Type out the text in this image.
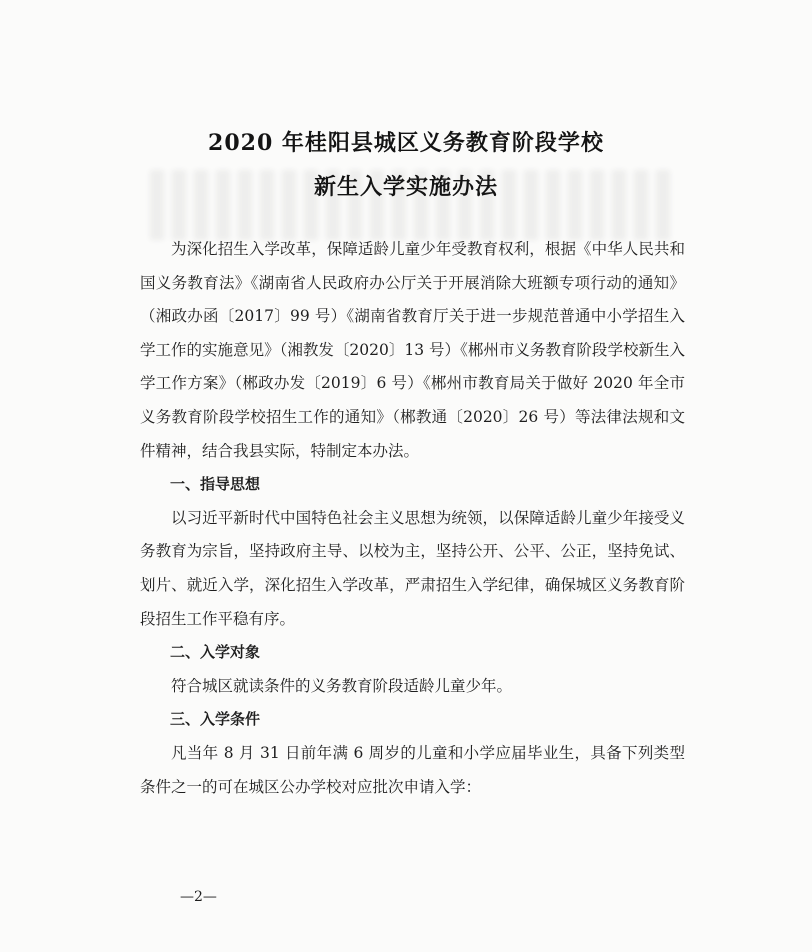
2020 年桂阳县城区义务教育阶段学校
新生入学实施办法

为深化招生入学改革，保障适龄儿童少年受教育权利，根据《中华人民共和国义务教育法》《湖南省人民政府办公厅关于开展消除大班额专项行动的通知》（湘政办函〔2017〕99 号）《湖南省教育厅关于进一步规范普通中小学招生入学工作的实施意见》（湘教发〔2020〕13 号）《郴州市义务教育阶段学校新生入学工作方案》（郴政办发〔2019〕6 号）《郴州市教育局关于做好 2020 年全市义务教育阶段学校招生工作的通知》（郴教通〔2020〕26 号）等法律法规和文件精神，结合我县实际，特制定本办法。

一、指导思想

以习近平新时代中国特色社会主义思想为统领，以保障适龄儿童少年接受义务教育为宗旨，坚持政府主导、以校为主，坚持公开、公平、公正，坚持免试、划片、就近入学，深化招生入学改革，严肃招生入学纪律，确保城区义务教育阶段招生工作平稳有序。

二、入学对象

符合城区就读条件的义务教育阶段适龄儿童少年。

三、入学条件

凡当年 8 月 31 日前年满 6 周岁的儿童和小学应届毕业生，具备下列类型条件之一的可在城区公办学校对应批次申请入学：

—2—
